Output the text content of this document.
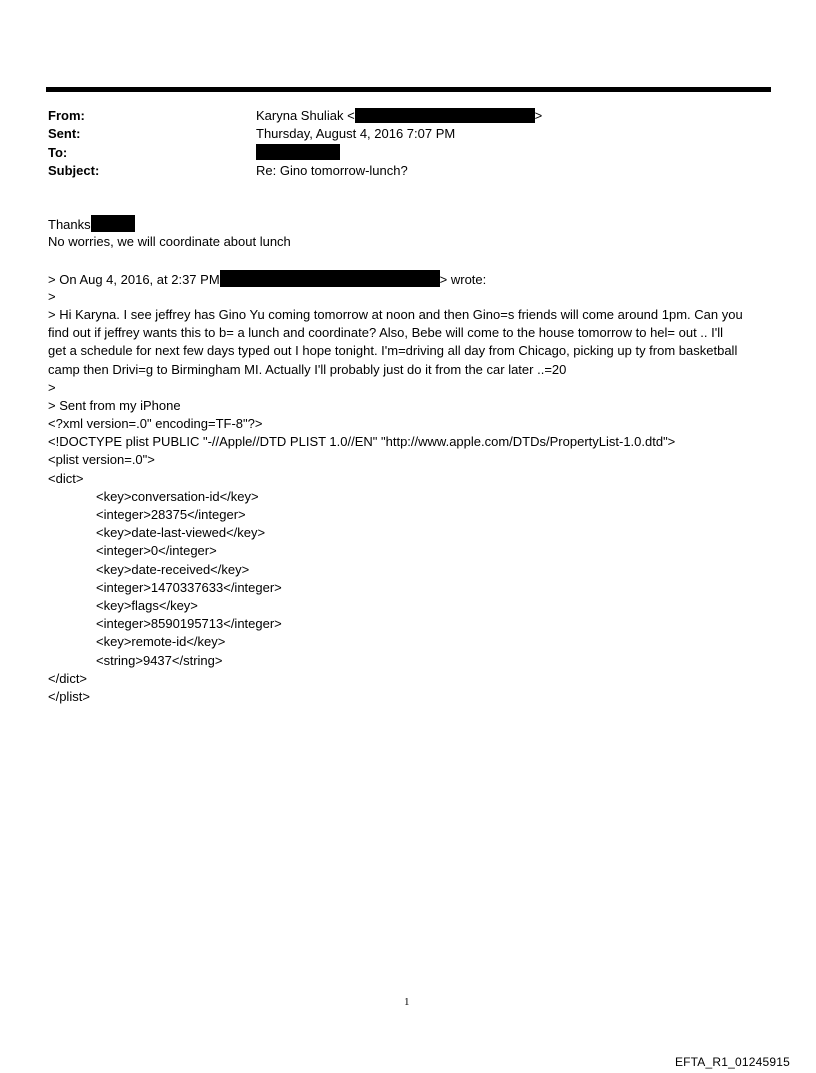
From:	Karyna Shuliak <	>
Sent:	Thursday, August 4, 2016 7:07 PM
To:
Subject:	Re: Gino tomorrow-lunch?
Thanks
No worries, we will coordinate about lunch
> On Aug 4, 2016, at 2:37 PM	> wrote:
>
> Hi Karyna. I see jeffrey has Gino Yu coming tomorrow at noon and then Gino=s friends will come around 1pm. Can you
find out if jeffrey wants this to b= a lunch and coordinate? Also, Bebe will come to the house tomorrow to hel= out .. I'll
get a schedule for next few days typed out I hope tonight. I'm=driving all day from Chicago, picking up ty from basketball
camp then Drivi=g to Birmingham MI. Actually I'll probably just do it from the car later ..=20
>
> Sent from my iPhone
<?xml version=.0" encoding=TF-8"?>
<!DOCTYPE plist PUBLIC "-//Apple//DTD PLIST 1.0//EN" "http://www.apple.com/DTDs/PropertyList-1.0.dtd">
<plist version=.0">
<dict>
<key>conversation-id</key>
<integer>28375</integer>
<key>date-last-viewed</key>
<integer>0</integer>
<key>date-received</key>
<integer>1470337633</integer>
<key>flags</key>
<integer>8590195713</integer>
<key>remote-id</key>
<string>9437</string>
</dict>
</plist>
1
EFTA_R1_01245915
